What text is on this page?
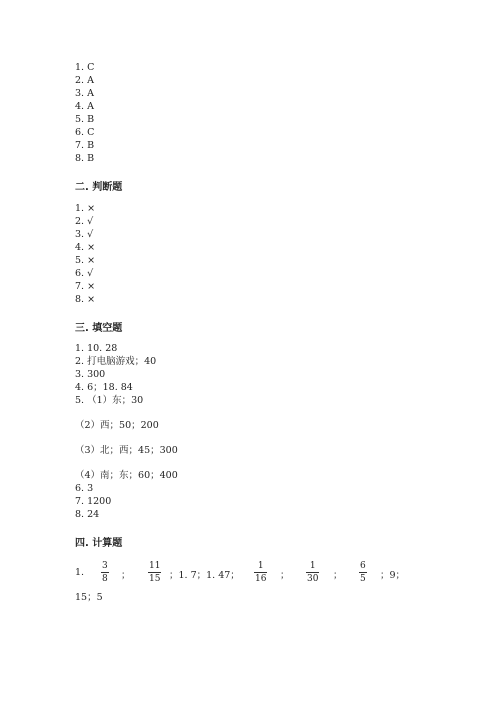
1. C
2. A
3. A
4. A
5. B
6. C
7. B
8. B
二. 判断题
1. ×
2. √
3. √
4. ×
5. ×
6. √
7. ×
8. ×
三. 填空题
1. 10. 28
2. 打电脑游戏；40
3. 300
4. 6；18. 84
5. （1）东；30
（2）西；50；200
（3）北；西；45；300
（4）南；东；60；400
6. 3
7. 1200
8. 24
四. 计算题
1.
3
8 ；
11
15 ；1. 7；1. 47；
1
16 ；
1
30 ；
6
5 ；9；
15；5
